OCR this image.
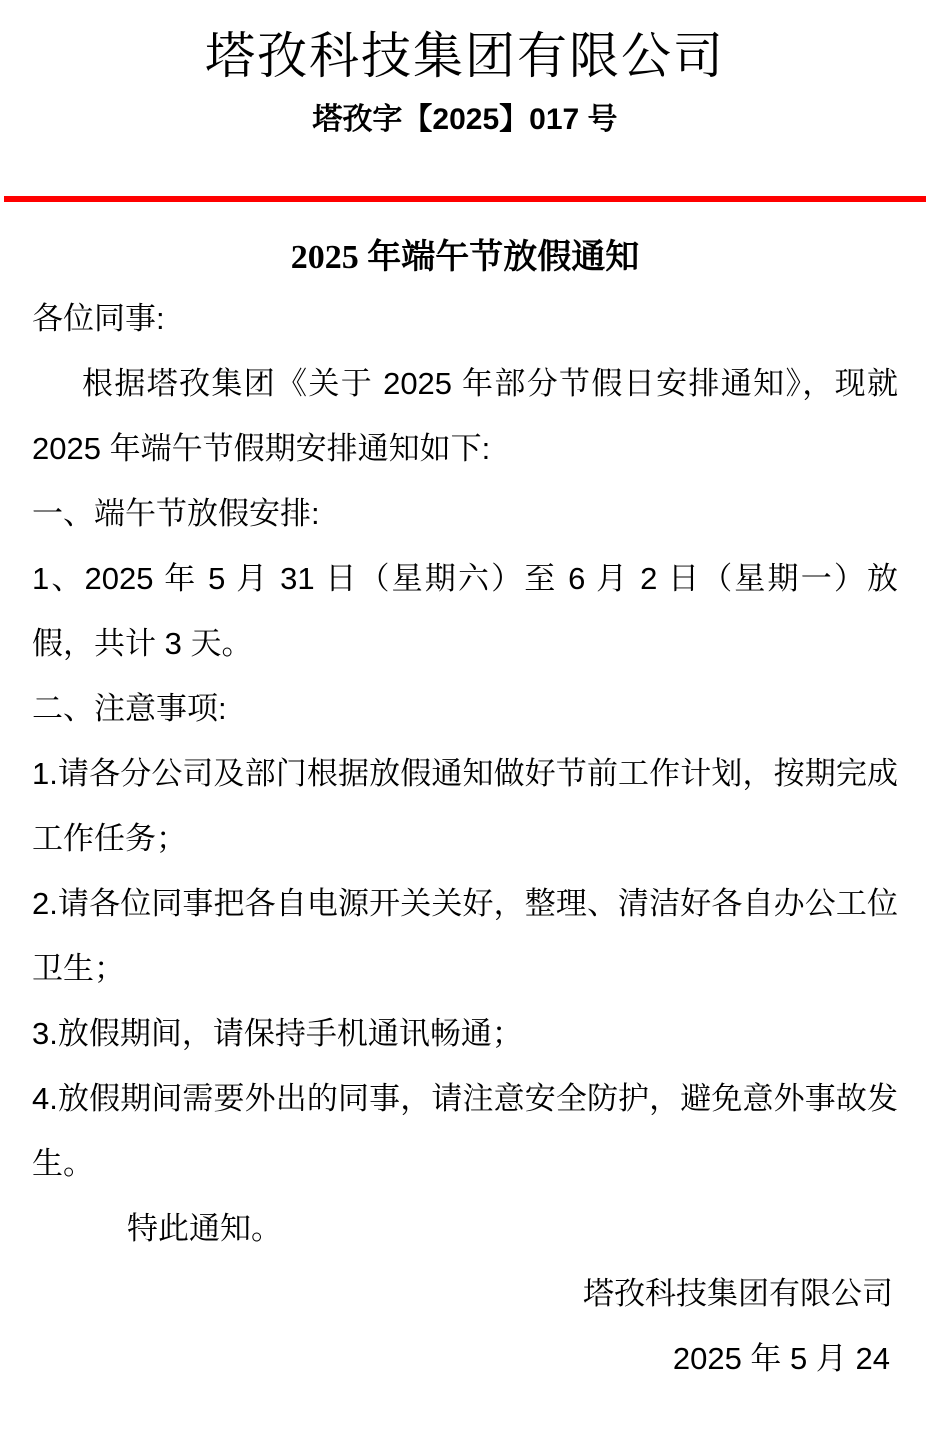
塔孜科技集团有限公司
塔孜字【2025】017 号
2025 年端午节放假通知

各位同事:

根据塔孜集团《关于 2025 年部分节假日安排通知》，现就 2025 年端午节假期安排通知如下:

一、端午节放假安排:

1、2025 年 5 月 31 日（星期六）至 6 月 2 日（星期一）放假，共计 3 天。

二、注意事项:

1.请各分公司及部门根据放假通知做好节前工作计划，按期完成工作任务；

2.请各位同事把各自电源开关关好，整理、清洁好各自办公工位卫生；

3.放假期间，请保持手机通讯畅通；

4.放假期间需要外出的同事，请注意安全防护，避免意外事故发生。

特此通知。

塔孜科技集团有限公司

2025 年 5 月 24
